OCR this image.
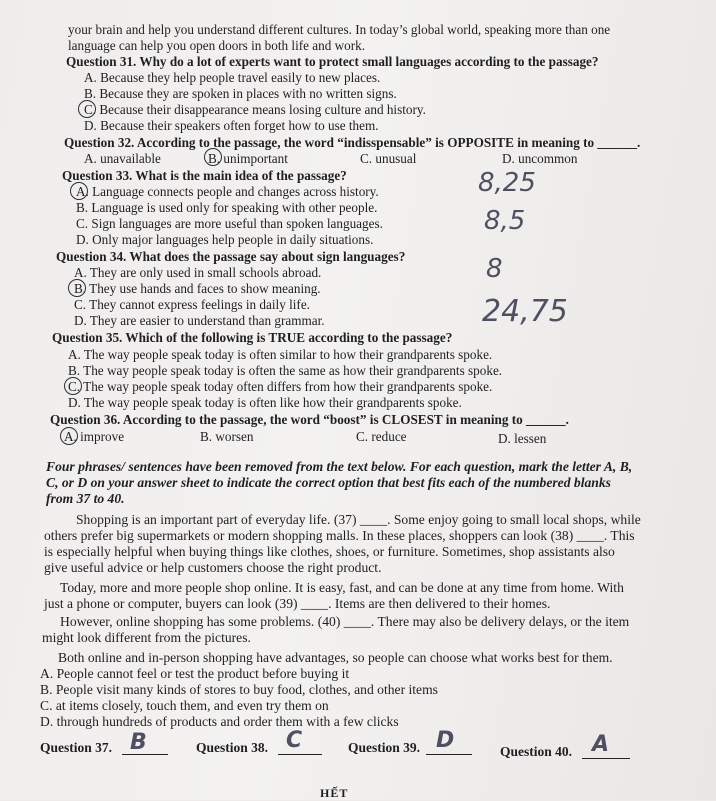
your brain and help you understand different cultures. In today’s global world, speaking more than one
language can help you open doors in both life and work.
Question 31. Why do a lot of experts want to protect small languages according to the passage?
A. Because they help people travel easily to new places.
B. Because they are spoken in places with no written signs.
C. Because their disappearance means losing culture and history.
D. Because their speakers often forget how to use them.
Question 32. According to the passage, the word “indisspensable” is OPPOSITE in meaning to ______.
A. unavailable	B. unimportant	C. unusual	D. uncommon
Question 33. What is the main idea of the passage?
A. Language connects people and changes across history.
B. Language is used only for speaking with other people.
C. Sign languages are more useful than spoken languages.
D. Only major languages help people in daily situations.
Question 34. What does the passage say about sign languages?
A. They are only used in small schools abroad.
B. They use hands and faces to show meaning.
C. They cannot express feelings in daily life.
D. They are easier to understand than grammar.
Question 35. Which of the following is TRUE according to the passage?
A. The way people speak today is often similar to how their grandparents spoke.
B. The way people speak today is often the same as how their grandparents spoke.
C. The way people speak today often differs from how their grandparents spoke.
D. The way people speak today is often like how their grandparents spoke.
Question 36. According to the passage, the word “boost” is CLOSEST in meaning to ______.
A. improve	B. worsen	C. reduce	D. lessen
Four phrases/ sentences have been removed from the text below. For each question, mark the letter A, B,
C, or D on your answer sheet to indicate the correct option that best fits each of the numbered blanks
from 37 to 40.
Shopping is an important part of everyday life. (37) ____. Some enjoy going to small local shops, while
others prefer big supermarkets or modern shopping malls. In these places, shoppers can look (38) ____. This
is especially helpful when buying things like clothes, shoes, or furniture. Sometimes, shop assistants also
give useful advice or help customers choose the right product.
Today, more and more people shop online. It is easy, fast, and can be done at any time from home. With
just a phone or computer, buyers can look (39) ____. Items are then delivered to their homes.
However, online shopping has some problems. (40) ____. There may also be delivery delays, or the item
might look different from the pictures.
Both online and in-person shopping have advantages, so people can choose what works best for them.
A. People cannot feel or test the product before buying it
B. People visit many kinds of stores to buy food, clothes, and other items
C. at items closely, touch them, and even try them on
D. through hundreds of products and order them with a few clicks
Question 37. B	Question 38. C	Question 39. D	Question 40. A
8,25
8,5
8
24,75
HẾT
